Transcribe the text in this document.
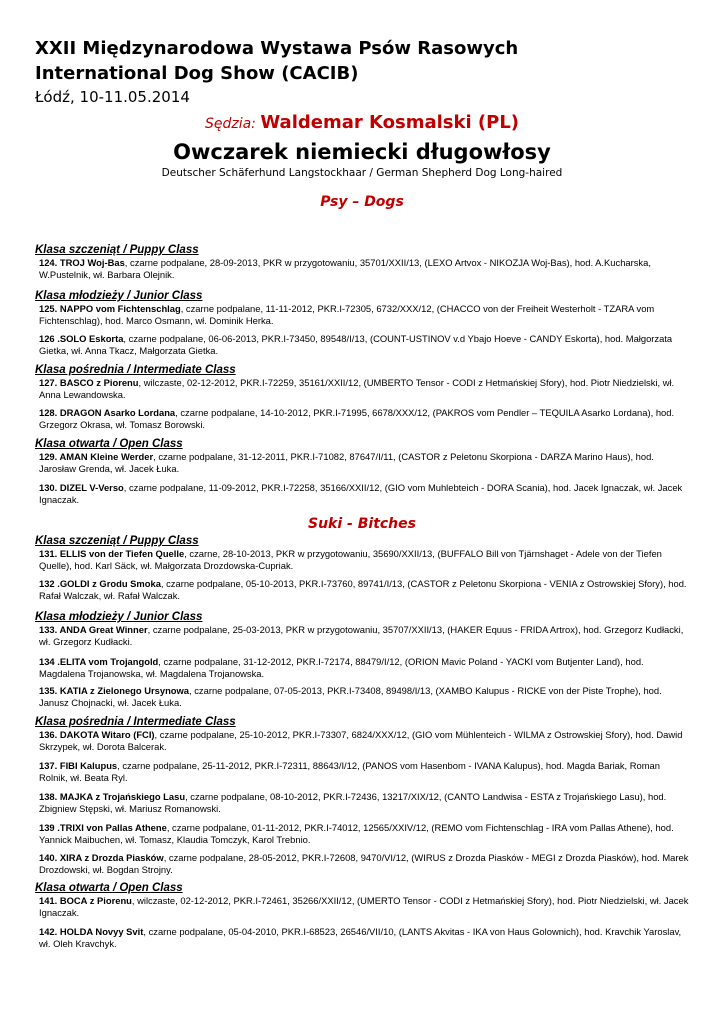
XXII Międzynarodowa Wystawa Psów Rasowych
International Dog Show (CACIB)
Łódź, 10-11.05.2014
Sędzia: Waldemar Kosmalski (PL)
Owczarek niemiecki długowłosy
Deutscher Schäferhund Langstockhaar / German Shepherd Dog Long-haired
Psy – Dogs
Klasa szczeniąt / Puppy Class
124. TROJ Woj-Bas, czarne podpalane, 28-09-2013, PKR w przygotowaniu, 35701/XXII/13, (LEXO Artvox - NIKOZJA Woj-Bas), hod. A.Kucharska, W.Pustelnik, wł. Barbara Olejnik.
Klasa młodzieży / Junior Class
125. NAPPO vom Fichtenschlag, czarne podpalane, 11-11-2012, PKR.I-72305, 6732/XXX/12, (CHACCO von der Freiheit Westerholt - TZARA vom Fichtenschlag), hod. Marco Osmann, wł. Dominik Herka.
126 .SOLO Eskorta, czarne podpalane, 06-06-2013, PKR.I-73450, 89548/I/13, (COUNT-USTINOV v.d Ybajo Hoeve - CANDY Eskorta), hod. Małgorzata Gietka, wł. Anna Tkacz, Małgorzata Gietka.
Klasa pośrednia / Intermediate Class
127. BASCO z Piorenu, wilczaste, 02-12-2012, PKR.I-72259, 35161/XXII/12, (UMBERTO Tensor - CODI z Hetmańskiej Sfory), hod. Piotr Niedzielski, wł. Anna Lewandowska.
128. DRAGON Asarko Lordana, czarne podpalane, 14-10-2012, PKR.I-71995, 6678/XXX/12, (PAKROS vom Pendler – TEQUILA Asarko Lordana), hod. Grzegorz Okrasa, wł. Tomasz Borowski.
Klasa otwarta / Open Class
129. AMAN Kleine Werder, czarne podpalane, 31-12-2011, PKR.I-71082, 87647/I/11, (CASTOR z Peletonu Skorpiona - DARZA Marino Haus), hod. Jarosław Grenda, wł. Jacek Łuka.
130. DIZEL V-Verso, czarne podpalane, 11-09-2012, PKR.I-72258, 35166/XXII/12, (GIO vom Muhlebteich - DORA Scania), hod. Jacek Ignaczak, wł. Jacek Ignaczak.
Suki - Bitches
Klasa szczeniąt / Puppy Class
131. ELLIS von der Tiefen Quelle, czarne, 28-10-2013, PKR w przygotowaniu, 35690/XXII/13, (BUFFALO Bill von Tjärnshaget - Adele von der Tiefen Quelle), hod. Karl Säck, wł. Małgorzata Drozdowska-Cupriak.
132 .GOLDI z Grodu Smoka, czarne podpalane, 05-10-2013, PKR.I-73760, 89741/I/13, (CASTOR z Peletonu Skorpiona - VENIA z Ostrowskiej Sfory), hod. Rafał Walczak, wł. Rafał Walczak.
Klasa młodzieży / Junior Class
133. ANDA Great Winner, czarne podpalane, 25-03-2013, PKR w przygotowaniu, 35707/XXII/13, (HAKER Equus - FRIDA Artrox), hod. Grzegorz Kudłacki, wł. Grzegorz Kudłacki.
134 .ELITA vom Trojangold, czarne podpalane, 31-12-2012, PKR.I-72174, 88479/I/12, (ORION Mavic Poland - YACKI vom Butjenter Land), hod. Magdalena Trojanowska, wł. Magdalena Trojanowska.
135. KATIA z Zielonego Ursynowa, czarne podpalane, 07-05-2013, PKR.I-73408, 89498/I/13, (XAMBO Kalupus - RICKE von der Piste Trophe), hod. Janusz Chojnacki, wł. Jacek Łuka.
Klasa pośrednia / Intermediate Class
136. DAKOTA Witaro (FCI), czarne podpalane, 25-10-2012, PKR.I-73307, 6824/XXX/12, (GIO vom Mühlenteich - WILMA z Ostrowskiej Sfory), hod. Dawid Skrzypek, wł. Dorota Balcerak.
137. FIBI Kalupus, czarne podpalane, 25-11-2012, PKR.I-72311, 88643/I/12, (PANOS vom Hasenbom - IVANA Kalupus), hod. Magda Bariak, Roman Rolnik, wł. Beata Ryl.
138. MAJKA z Trojańskiego Lasu, czarne podpalane, 08-10-2012, PKR.I-72436, 13217/XIX/12, (CANTO Landwisa - ESTA z Trojańskiego Lasu), hod. Zbigniew Stępski, wł. Mariusz Romanowski.
139 .TRIXI von Pallas Athene, czarne podpalane, 01-11-2012, PKR.I-74012, 12565/XXIV/12, (REMO vom Fichtenschlag - IRA vom Pallas Athene), hod. Yannick Maibuchen, wł. Tomasz, Klaudia Tomczyk, Karol Trebnio.
140. XIRA z Drozda Piasków, czarne podpalane, 28-05-2012, PKR.I-72608, 9470/VI/12, (WIRUS z Drozda Piasków - MEGI z Drozda Piasków), hod. Marek Drozdowski, wł. Bogdan Strojny.
Klasa otwarta / Open Class
141. BOCA z Piorenu, wilczaste, 02-12-2012, PKR.I-72461, 35266/XXII/12, (UMERTO Tensor - CODI z Hetmańskiej Sfory), hod. Piotr Niedzielski, wł. Jacek Ignaczak.
142. HOLDA Novyy Svit, czarne podpalane, 05-04-2010, PKR.I-68523, 26546/VII/10, (LANTS Akvitas - IKA von Haus Golownich), hod. Kravchik Yaroslav, wł. Oleh Kravchyk.
